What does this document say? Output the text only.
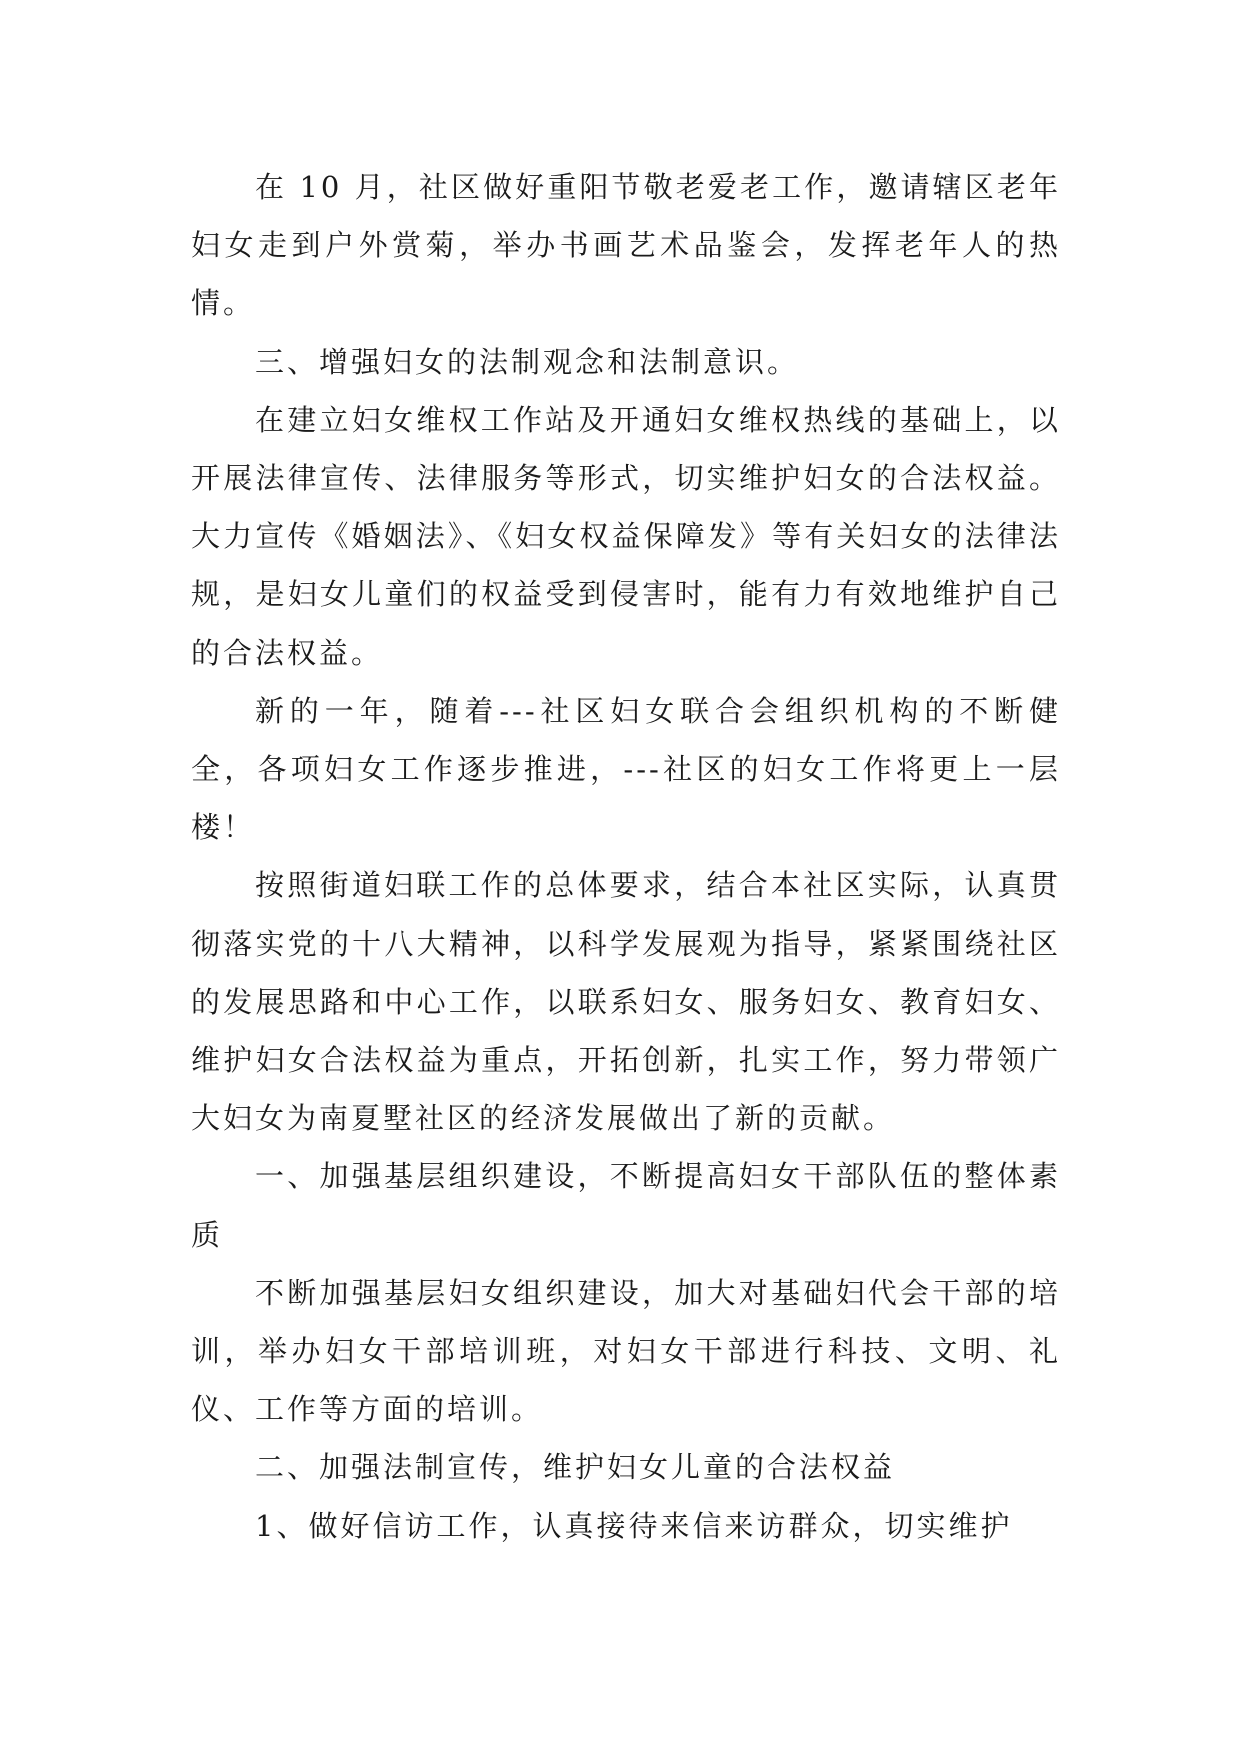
在 10 月，社区做好重阳节敬老爱老工作，邀请辖区老年妇女走到户外赏菊，举办书画艺术品鉴会，发挥老年人的热情。

三、增强妇女的法制观念和法制意识。

在建立妇女维权工作站及开通妇女维权热线的基础上，以开展法律宣传、法律服务等形式，切实维护妇女的合法权益。大力宣传《婚姻法》、《妇女权益保障发》等有关妇女的法律法规，是妇女儿童们的权益受到侵害时，能有力有效地维护自己的合法权益。

新的一年，随着---社区妇女联合会组织机构的不断健全，各项妇女工作逐步推进，---社区的妇女工作将更上一层楼！

按照街道妇联工作的总体要求，结合本社区实际，认真贯彻落实党的十八大精神，以科学发展观为指导，紧紧围绕社区的发展思路和中心工作，以联系妇女、服务妇女、教育妇女、维护妇女合法权益为重点，开拓创新，扎实工作，努力带领广大妇女为南夏墅社区的经济发展做出了新的贡献。

一、加强基层组织建设，不断提高妇女干部队伍的整体素质

不断加强基层妇女组织建设，加大对基础妇代会干部的培训，举办妇女干部培训班，对妇女干部进行科技、文明、礼仪、工作等方面的培训。

二、加强法制宣传，维护妇女儿童的合法权益

1、做好信访工作，认真接待来信来访群众，切实维护
